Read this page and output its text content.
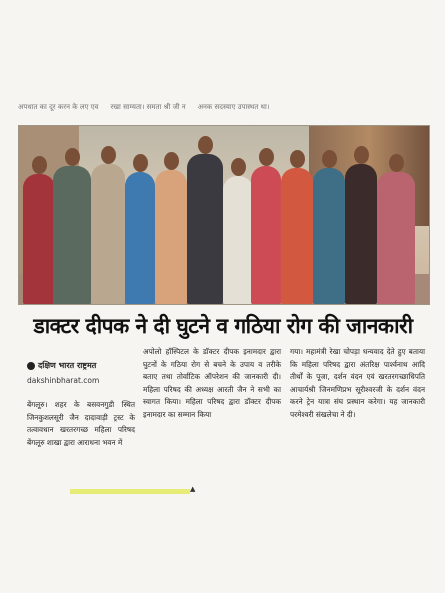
अपधात का दूर करन के लए एव रखा साम्यता। समता श्री जी न अनक सदस्याए उपास्थत था।
डाक्टर दीपक ने दी घुटने व गठिया रोग की जानकारी
दक्षिण भारत राष्ट्रमत
dakshinbharat.com

बेंगलूरु। शहर के बसवनगुडी स्थित जिनकुशलसूरी जैन दादावाड़ी ट्रस्ट के तत्वावधान खरतरगच्छ महिला परिषद बेंगलूरु शाखा द्वारा आराधना भवन में

अपोलो हॉस्पिटल के डॉक्टर दीपक इनामदार द्वारा घुटनों के गठिया रोग से बचने के उपाय व तरीके बताए तथा तोर्वाटिक ऑपरेशन की जानकारी दी। महिला परिषद की अध्यक्ष आरती जैन ने सभी का स्वागत किया। महिला परिषद द्वारा डॉक्टर दीपक इनामदार का सम्मान किया

गया। महामंत्री रेखा चोपड़ा धन्यवाद देते हुए बताया कि महिला परिषद द्वारा अंतरिक्ष पार्श्वनाथ आदि तीर्थों के पूजा, दर्शन वंदन एवं खरतरगच्छाधिपति आचार्यश्री जिनमणिप्रभ सूरीश्वरजी के दर्शन वंदन करने ट्रेन यात्रा संघ प्रस्थान करेगा। यह जानकारी परमेश्वरी संखलेचा ने दी।

▲
